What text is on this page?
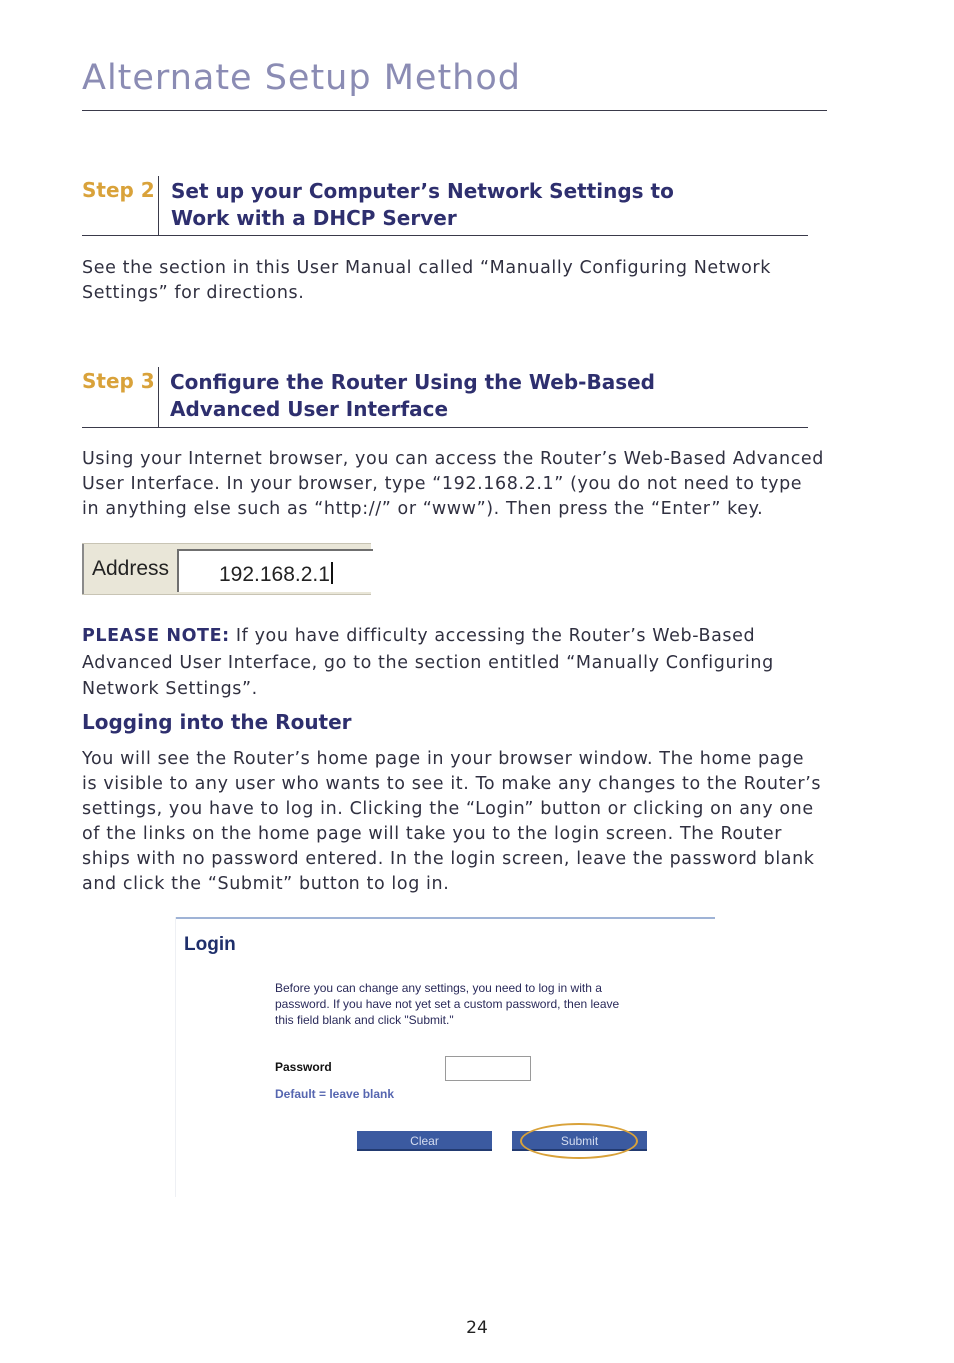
Alternate Setup Method
Step 2 Set up your Computer’s Network Settings to
Work with a DHCP Server

See the section in this User Manual called “Manually Configuring Network
Settings” for directions.

Step 3 Configure the Router Using the Web-Based
Advanced User Interface

Using your Internet browser, you can access the Router’s Web-Based Advanced
User Interface. In your browser, type “192.168.2.1” (you do not need to type
in anything else such as “http://” or “www”). Then press the “Enter” key.

Address 192.168.2.1

PLEASE NOTE: If you have difficulty accessing the Router’s Web-Based
Advanced User Interface, go to the section entitled “Manually Configuring
Network Settings”.

Logging into the Router

You will see the Router’s home page in your browser window. The home page
is visible to any user who wants to see it. To make any changes to the Router’s
settings, you have to log in. Clicking the “Login” button or clicking on any one
of the links on the home page will take you to the login screen. The Router
ships with no password entered. In the login screen, leave the password blank
and click the “Submit” button to log in.

Login
Before you can change any settings, you need to log in with a
password. If you have not yet set a custom password, then leave
this field blank and click "Submit."
Password
Default = leave blank
Clear	Submit
24
